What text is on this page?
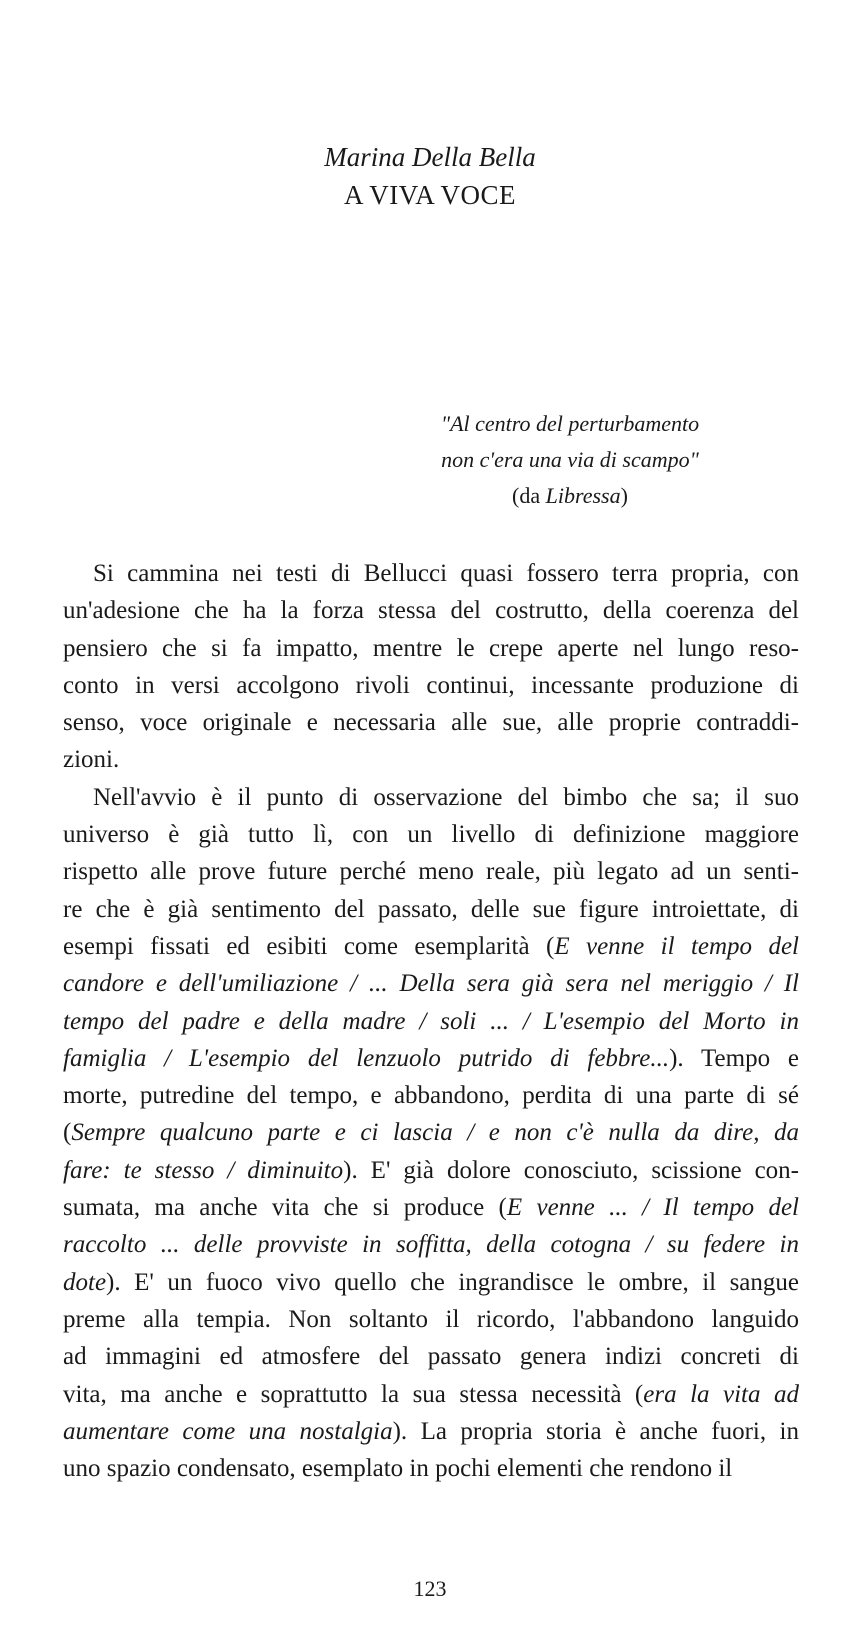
Marina Della Bella
A VIVA VOCE
"Al centro del perturbamento
non c'era una via di scampo"
(da Libressa)
Si cammina nei testi di Bellucci quasi fossero terra propria, con
un'adesione che ha la forza stessa del costrutto, della coerenza del
pensiero che si fa impatto, mentre le crepe aperte nel lungo reso-
conto in versi accolgono rivoli continui, incessante produzione di
senso, voce originale e necessaria alle sue, alle proprie contraddi-
zioni.
Nell'avvio è il punto di osservazione del bimbo che sa; il suo
universo è già tutto lì, con un livello di definizione maggiore
rispetto alle prove future perché meno reale, più legato ad un senti-
re che è già sentimento del passato, delle sue figure introiettate, di
esempi fissati ed esibiti come esemplarità (E venne il tempo del
candore e dell'umiliazione / ... Della sera già sera nel meriggio / Il
tempo del padre e della madre / soli ... / L'esempio del Morto in
famiglia / L'esempio del lenzuolo putrido di febbre...). Tempo e
morte, putredine del tempo, e abbandono, perdita di una parte di sé
(Sempre qualcuno parte e ci lascia / e non c'è nulla da dire, da
fare: te stesso / diminuito). E' già dolore conosciuto, scissione con-
sumata, ma anche vita che si produce (E venne ... / Il tempo del
raccolto ... delle provviste in soffitta, della cotogna / su federe in
dote). E' un fuoco vivo quello che ingrandisce le ombre, il sangue
preme alla tempia. Non soltanto il ricordo, l'abbandono languido
ad immagini ed atmosfere del passato genera indizi concreti di
vita, ma anche e soprattutto la sua stessa necessità (era la vita ad
aumentare come una nostalgia). La propria storia è anche fuori, in
uno spazio condensato, esemplato in pochi elementi che rendono il
123
